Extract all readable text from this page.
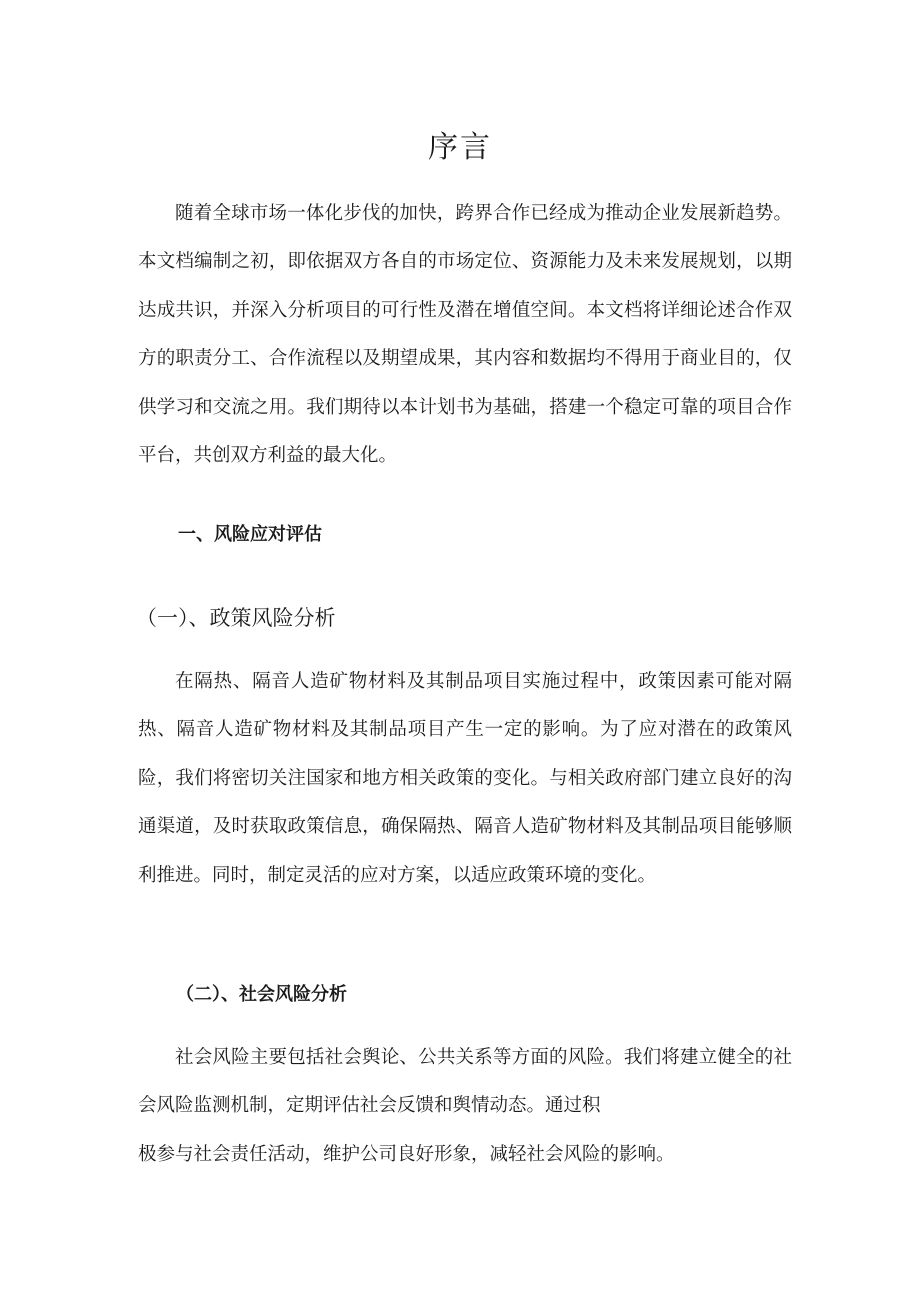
序言

随着全球市场一体化步伐的加快，跨界合作已经成为推动企业发展新趋势。本文档编制之初，即依据双方各自的市场定位、资源能力及未来发展规划，以期达成共识，并深入分析项目的可行性及潜在增值空间。本文档将详细论述合作双方的职责分工、合作流程以及期望成果，其内容和数据均不得用于商业目的，仅供学习和交流之用。我们期待以本计划书为基础，搭建一个稳定可靠的项目合作平台，共创双方利益的最大化。

一、风险应对评估
（一）、政策风险分析

在隔热、隔音人造矿物材料及其制品项目实施过程中，政策因素可能对隔热、隔音人造矿物材料及其制品项目产生一定的影响。为了应对潜在的政策风险，我们将密切关注国家和地方相关政策的变化。与相关政府部门建立良好的沟通渠道，及时获取政策信息，确保隔热、隔音人造矿物材料及其制品项目能够顺利推进。同时，制定灵活的应对方案，以适应政策环境的变化。

（二）、社会风险分析

社会风险主要包括社会舆论、公共关系等方面的风险。我们将建立健全的社会风险监测机制，定期评估社会反馈和舆情动态。通过积
极参与社会责任活动，维护公司良好形象，减轻社会风险的影响。
